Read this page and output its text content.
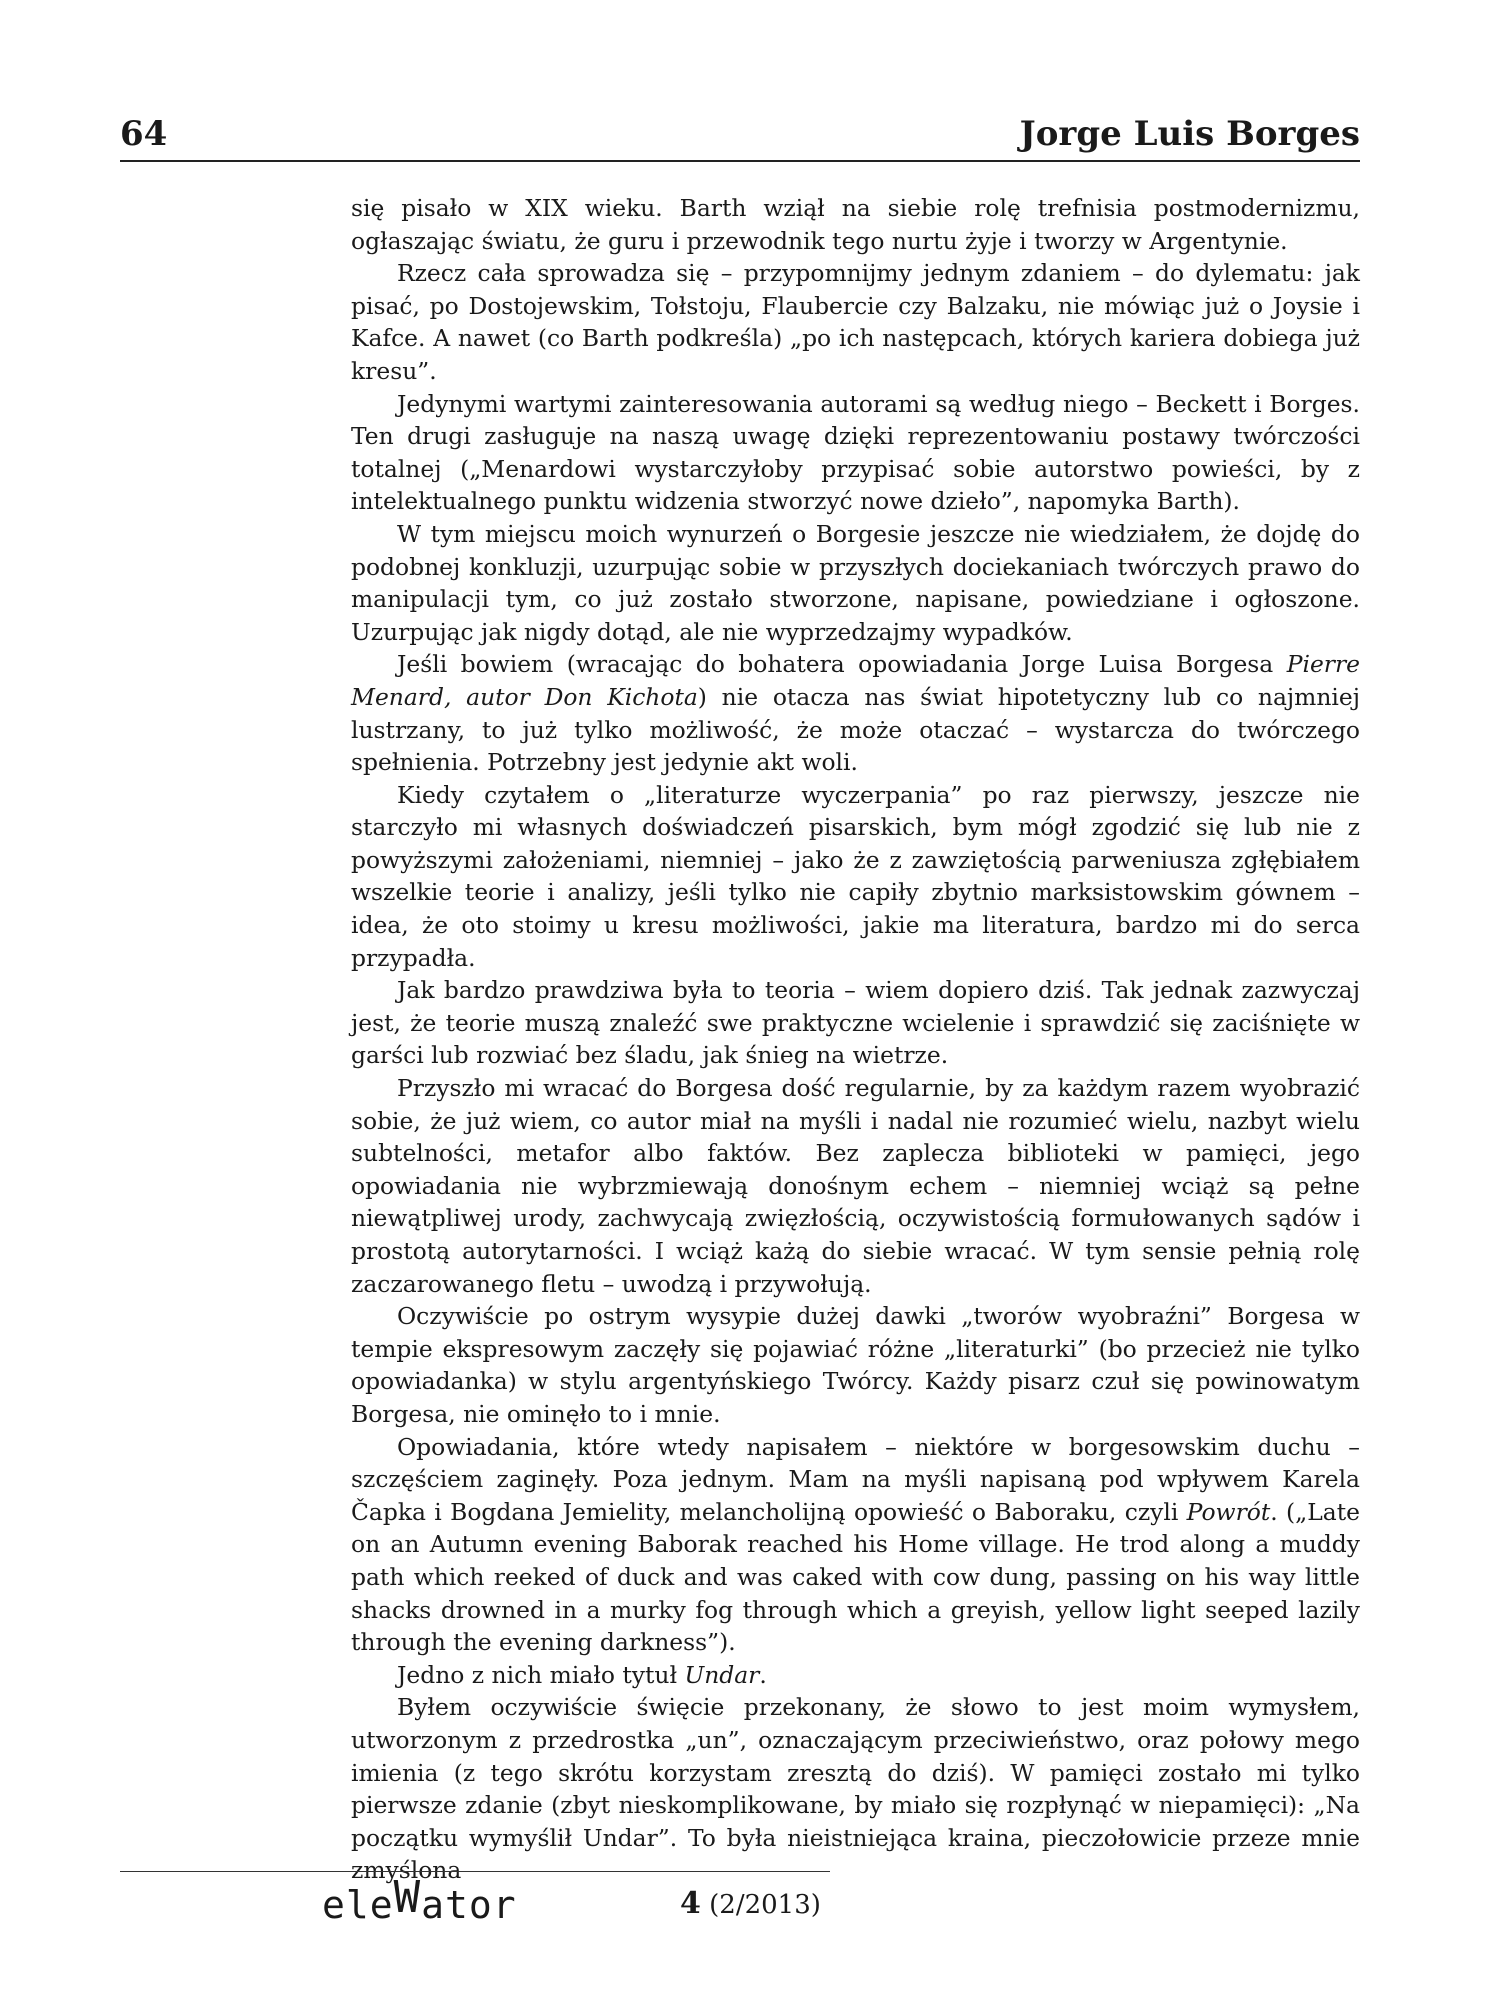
64	Jorge Luis Borges

się pisało w XIX wieku. Barth wziął na siebie rolę trefnisia postmodernizmu, ogłaszając światu, że guru i przewodnik tego nurtu żyje i tworzy w Argentynie.

Rzecz cała sprowadza się – przypomnijmy jednym zdaniem – do dylematu: jak pisać, po Dostojewskim, Tołstoju, Flaubercie czy Balzaku, nie mówiąc już o Joysie i Kafce. A nawet (co Barth podkreśla) „po ich następcach, których kariera dobiega już kresu”.

Jedynymi wartymi zainteresowania autorami są według niego – Beckett i Borges. Ten drugi zasługuje na naszą uwagę dzięki reprezentowaniu postawy twórczości totalnej („Menardowi wystarczyłoby przypisać sobie autorstwo powieści, by z intelektualnego punktu widzenia stworzyć nowe dzieło”, napomyka Barth).

W tym miejscu moich wynurzeń o Borgesie jeszcze nie wiedziałem, że dojdę do podobnej konkluzji, uzurpując sobie w przyszłych dociekaniach twórczych prawo do manipulacji tym, co już zostało stworzone, napisane, powiedziane i ogłoszone. Uzurpując jak nigdy dotąd, ale nie wyprzedzajmy wypadków.

Jeśli bowiem (wracając do bohatera opowiadania Jorge Luisa Borgesa Pierre Menard, autor Don Kichota) nie otacza nas świat hipotetyczny lub co najmniej lustrzany, to już tylko możliwość, że może otaczać – wystarcza do twórczego spełnienia. Potrzebny jest jedynie akt woli.

Kiedy czytałem o „literaturze wyczerpania” po raz pierwszy, jeszcze nie starczyło mi własnych doświadczeń pisarskich, bym mógł zgodzić się lub nie z powyższymi założeniami, niemniej – jako że z zawziętością parweniusza zgłębiałem wszelkie teorie i analizy, jeśli tylko nie capiły zbytnio marksistowskim gównem – idea, że oto stoimy u kresu możliwości, jakie ma literatura, bardzo mi do serca przypadła.

Jak bardzo prawdziwa była to teoria – wiem dopiero dziś. Tak jednak zazwyczaj jest, że teorie muszą znaleźć swe praktyczne wcielenie i sprawdzić się zaciśnięte w garści lub rozwiać bez śladu, jak śnieg na wietrze.

Przyszło mi wracać do Borgesa dość regularnie, by za każdym razem wyobrazić sobie, że już wiem, co autor miał na myśli i nadal nie rozumieć wielu, nazbyt wielu subtelności, metafor albo faktów. Bez zaplecza biblioteki w pamięci, jego opowiadania nie wybrzmiewają donośnym echem – niemniej wciąż są pełne niewątpliwej urody, zachwycają zwięzłością, oczywistością formułowanych sądów i prostotą autorytarności. I wciąż każą do siebie wracać. W tym sensie pełnią rolę zaczarowanego fletu – uwodzą i przywołują.

Oczywiście po ostrym wysypie dużej dawki „tworów wyobraźni” Borgesa w tempie ekspresowym zaczęły się pojawiać różne „literaturki” (bo przecież nie tylko opowiadanka) w stylu argentyńskiego Twórcy. Każdy pisarz czuł się powinowatym Borgesa, nie ominęło to i mnie.

Opowiadania, które wtedy napisałem – niektóre w borgesowskim duchu – szczęściem zaginęły. Poza jednym. Mam na myśli napisaną pod wpływem Karela Čapka i Bogdana Jemielity, melancholijną opowieść o Baboraku, czyli Powrót. („Late on an Autumn evening Baborak reached his Home village. He trod along a muddy path which reeked of duck and was caked with cow dung, passing on his way little shacks drowned in a murky fog through which a greyish, yellow light seeped lazily through the evening darkness”).

Jedno z nich miało tytuł Undar.

Byłem oczywiście święcie przekonany, że słowo to jest moim wymysłem, utworzonym z przedrostka „un”, oznaczającym przeciwieństwo, oraz połowy mego imienia (z tego skrótu korzystam zresztą do dziś). W pamięci zostało mi tylko pierwsze zdanie (zbyt nieskomplikowane, by miało się rozpłynąć w niepamięci): „Na początku wymyślił Undar”. To była nieistniejąca kraina, pieczołowicie przeze mnie zmyślona

eleWator	4 (2/2013)
